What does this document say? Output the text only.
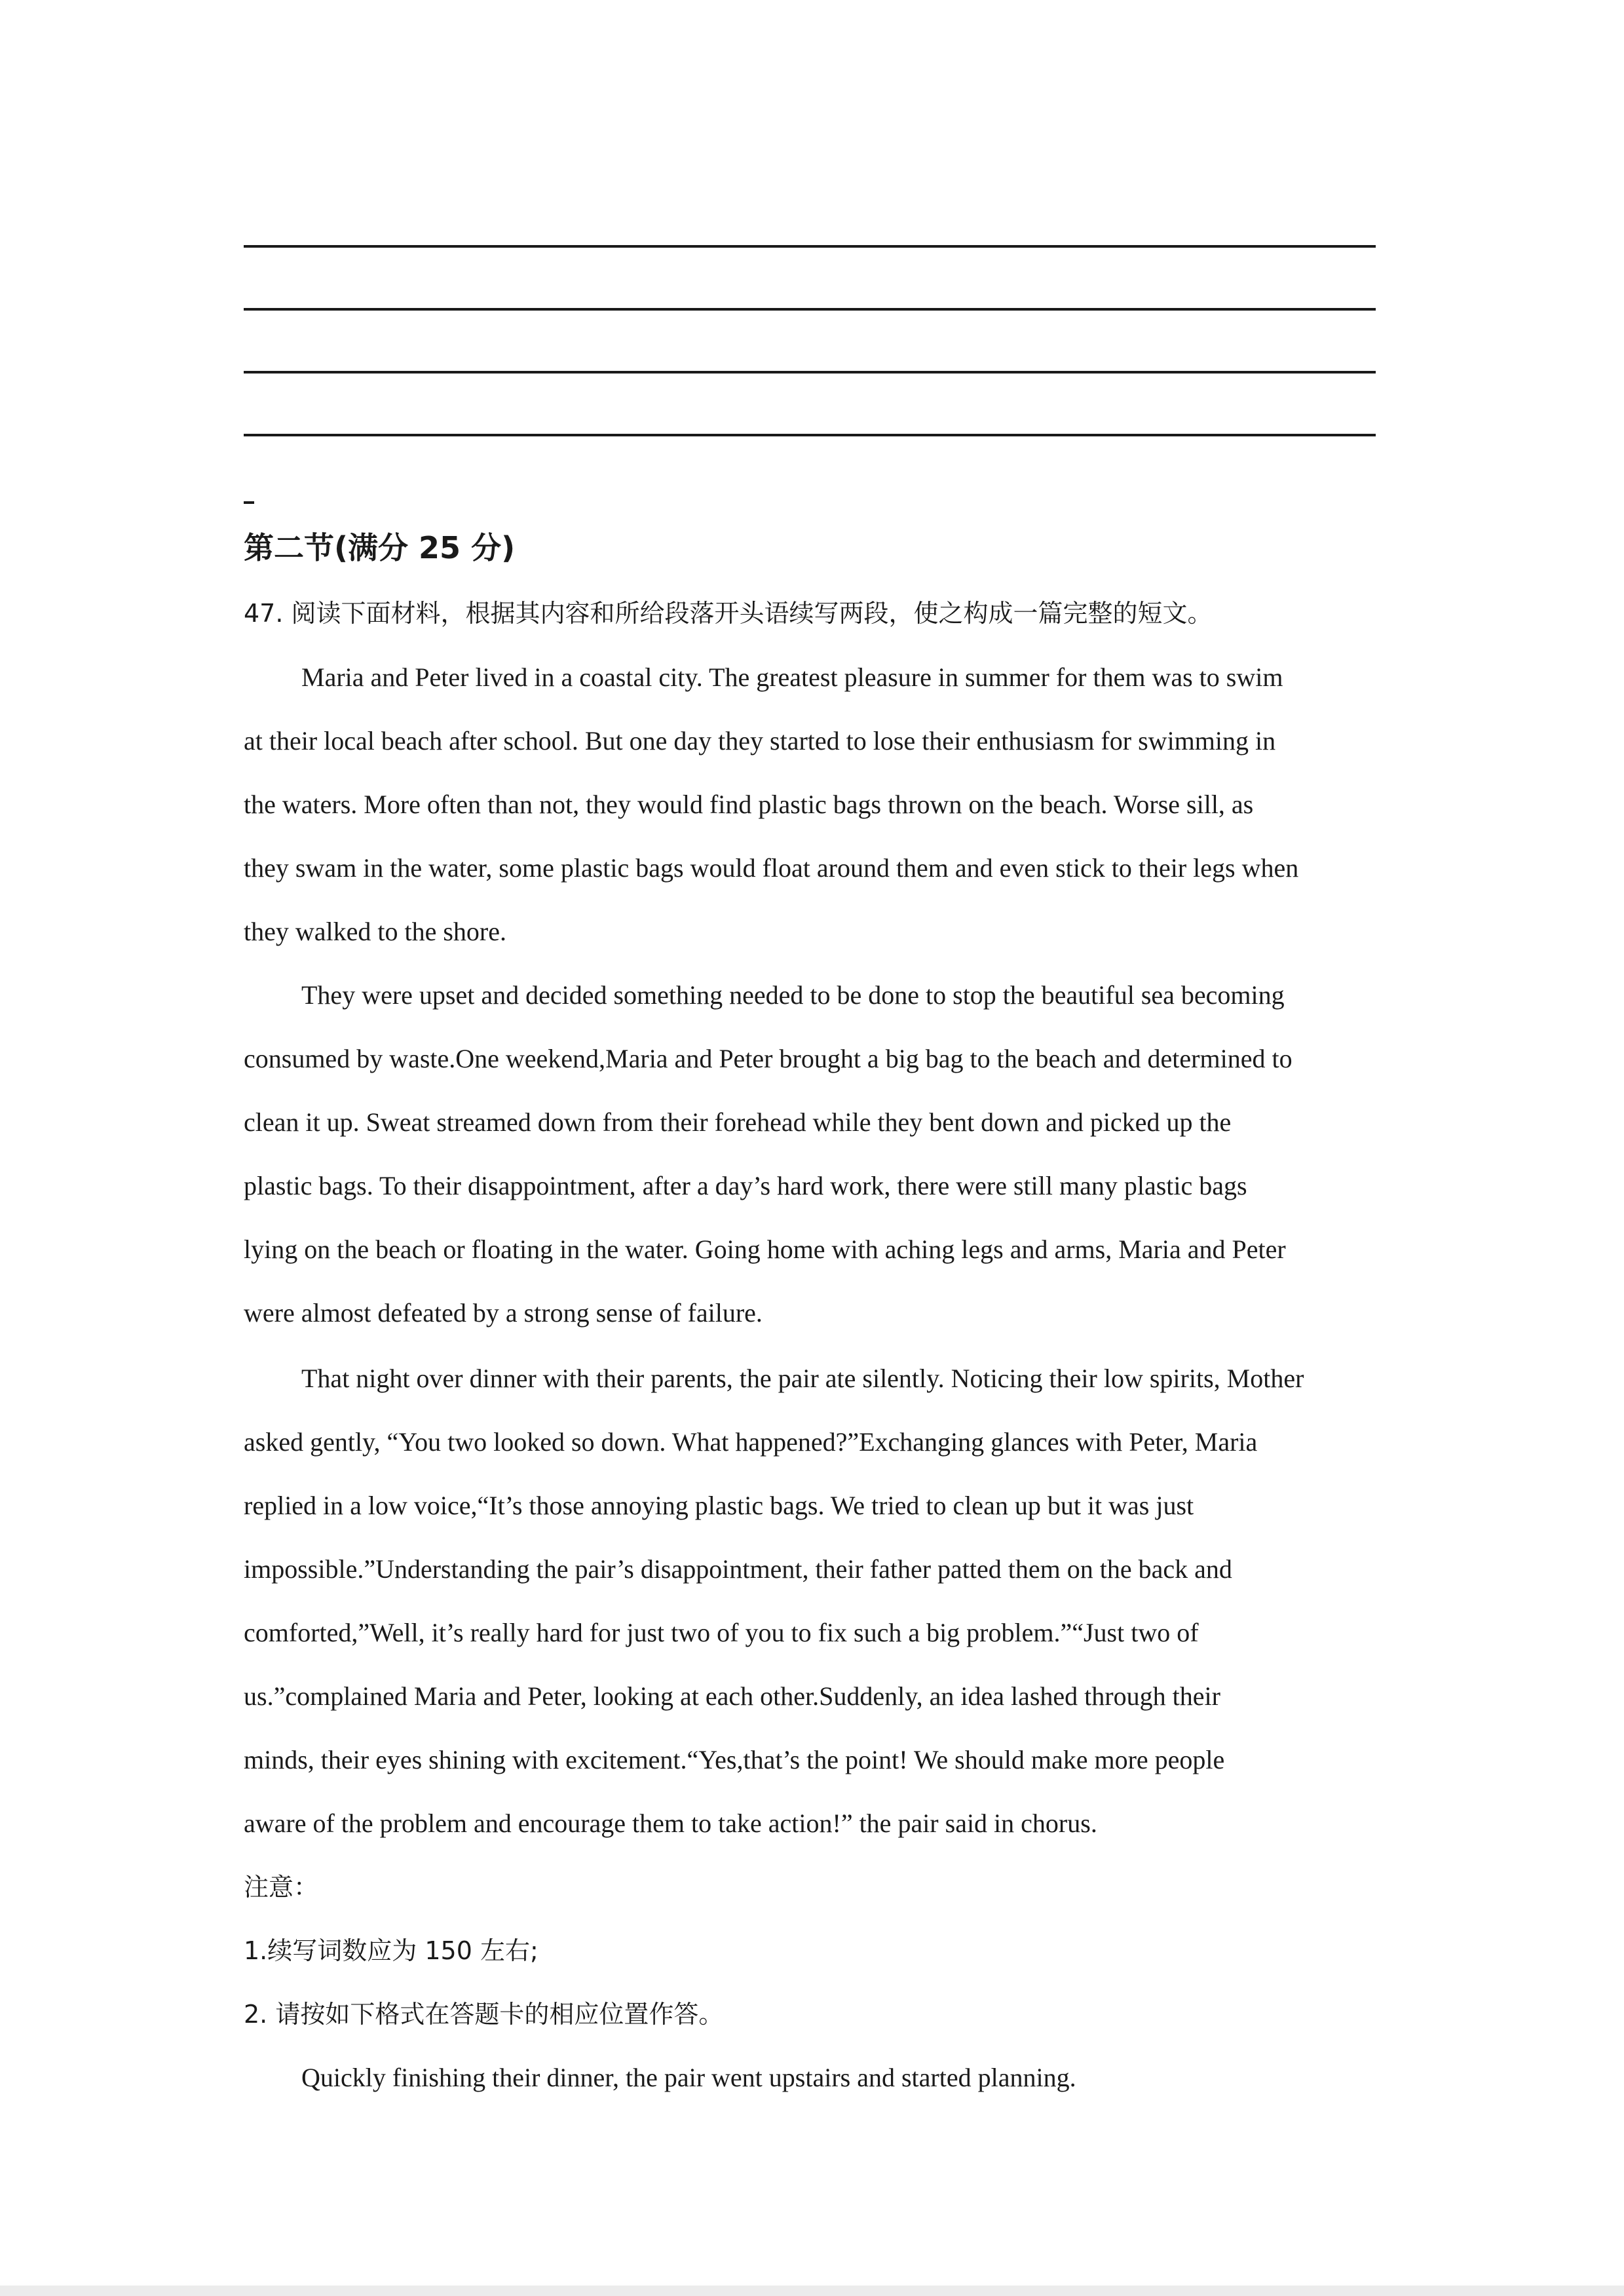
第二节(满分 25 分)
47. 阅读下面材料，根据其内容和所给段落开头语续写两段，使之构成一篇完整的短文。
Maria and Peter lived in a coastal city. The greatest pleasure in summer for them was to swim
at their local beach after school. But one day they started to lose their enthusiasm for swimming in
the waters. More often than not, they would find plastic bags thrown on the beach. Worse sill, as
they swam in the water, some plastic bags would float around them and even stick to their legs when
they walked to the shore.
They were upset and decided something needed to be done to stop the beautiful sea becoming
consumed by waste.One weekend,Maria and Peter brought a big bag to the beach and determined to
clean it up. Sweat streamed down from their forehead while they bent down and picked up the
plastic bags. To their disappointment, after a day’s hard work, there were still many plastic bags
lying on the beach or floating in the water. Going home with aching legs and arms, Maria and Peter
were almost defeated by a strong sense of failure.
That night over dinner with their parents, the pair ate silently. Noticing their low spirits, Mother
asked gently, “You two looked so down. What happened?”Exchanging glances with Peter, Maria
replied in a low voice,“It’s those annoying plastic bags. We tried to clean up but it was just
impossible.”Understanding the pair’s disappointment, their father patted them on the back and
comforted,”Well, it’s really hard for just two of you to fix such a big problem.”“Just two of
us.”complained Maria and Peter, looking at each other.Suddenly, an idea lashed through their
minds, their eyes shining with excitement.“Yes,that’s the point! We should make more people
aware of the problem and encourage them to take action!” the pair said in chorus.
注意：
1.续写词数应为 150 左右;
2. 请按如下格式在答题卡的相应位置作答。
Quickly finishing their dinner, the pair went upstairs and started planning.
